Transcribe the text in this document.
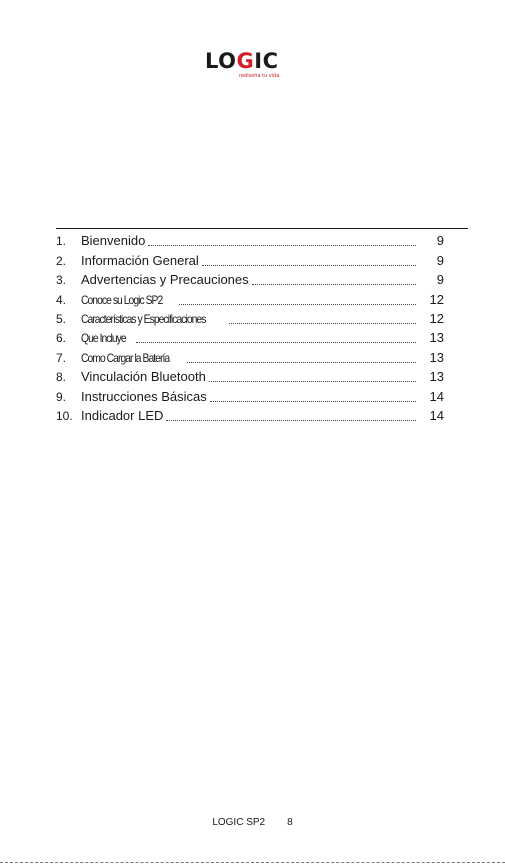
LOGIC
rediseña tu vida
1.	Bienvenido	9
2.	Información General	9
3.	Advertencias y Precauciones	9
4.	Conoce su Logic SP2	12
5.	Características y Especificaciones	12
6.	Que Incluye	13
7.	Como Cargar la Batería	13
8.	Vinculación Bluetooth	13
9.	Instrucciones Básicas	14
10. Indicador LED	14
LOGIC SP2 8
